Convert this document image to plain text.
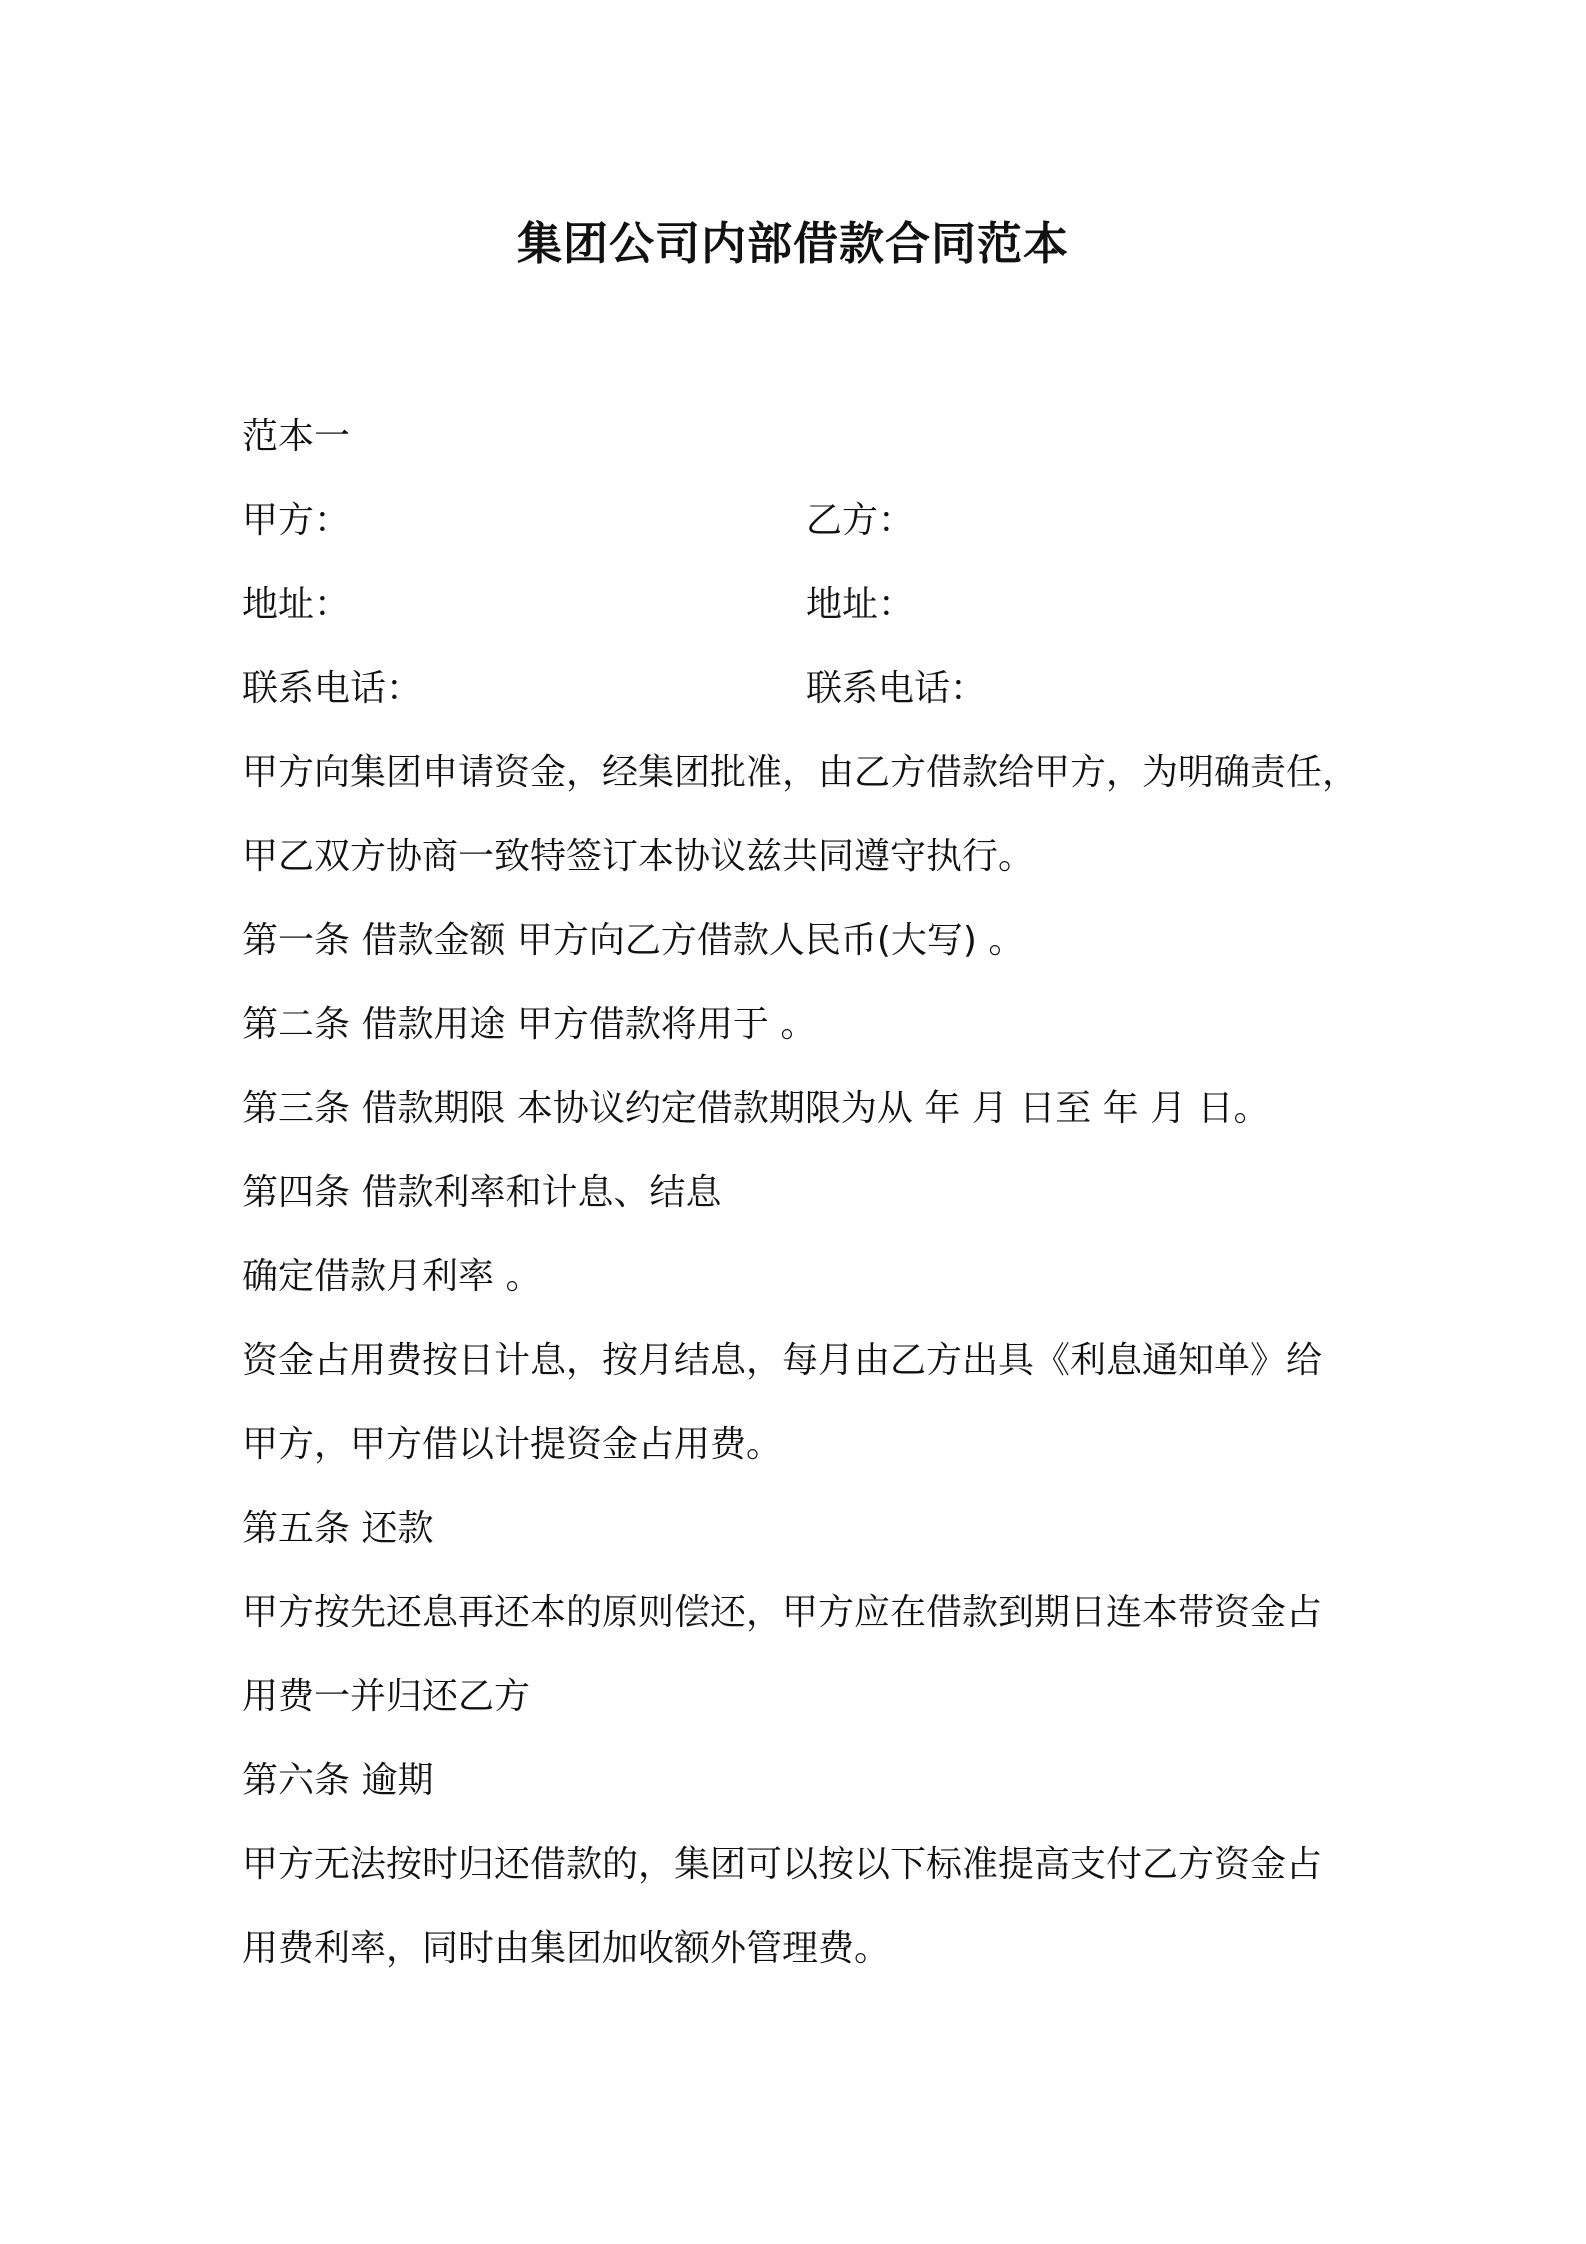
集团公司内部借款合同范本
范本一
甲方：	乙方：
地址：	地址：
联系电话：	联系电话：
甲方向集团申请资金，经集团批准，由乙方借款给甲方，为明确责任，
甲乙双方协商一致特签订本协议兹共同遵守执行。
第一条 借款金额 甲方向乙方借款人民币(大写) 。
第二条 借款用途 甲方借款将用于 。
第三条 借款期限 本协议约定借款期限为从 年 月 日至 年 月 日。
第四条 借款利率和计息、结息
确定借款月利率 。
资金占用费按日计息，按月结息，每月由乙方出具《利息通知单》给
甲方，甲方借以计提资金占用费。
第五条 还款
甲方按先还息再还本的原则偿还，甲方应在借款到期日连本带资金占
用费一并归还乙方
第六条 逾期
甲方无法按时归还借款的，集团可以按以下标准提高支付乙方资金占
用费利率，同时由集团加收额外管理费。
